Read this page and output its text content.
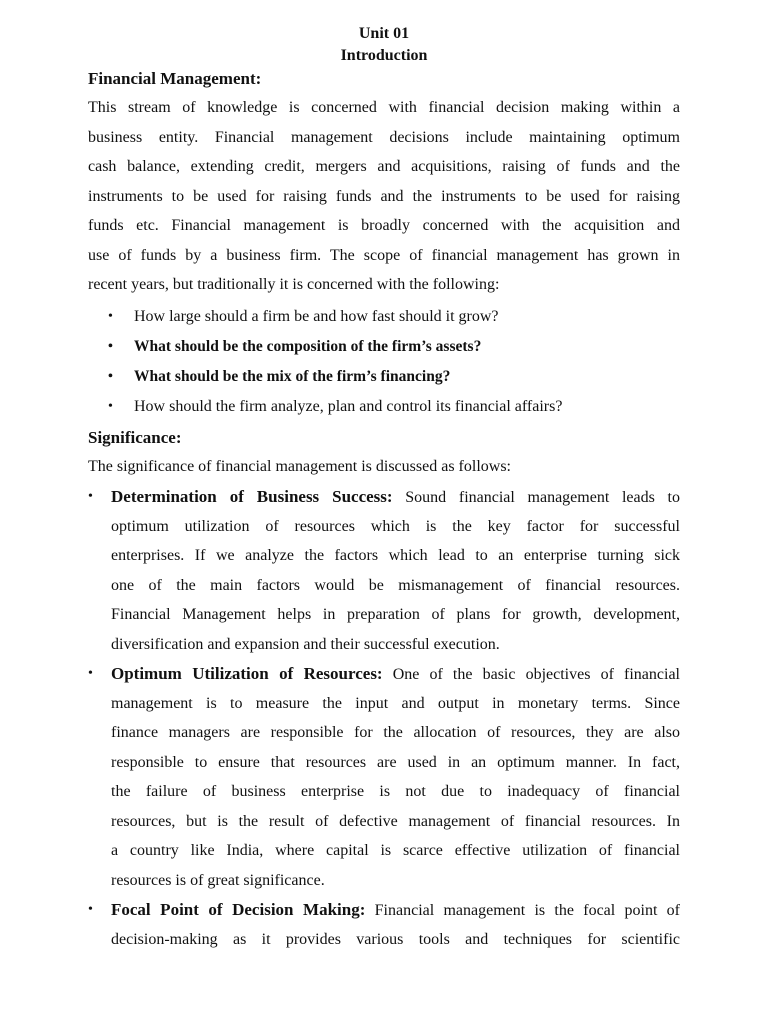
Unit 01
Introduction
Financial Management:
This stream of knowledge is concerned with financial decision making within a
business entity. Financial management decisions include maintaining optimum
cash balance, extending credit, mergers and acquisitions, raising of funds and the
instruments to be used for raising funds and the instruments to be used for raising
funds etc. Financial management is broadly concerned with the acquisition and
use of funds by a business firm. The scope of financial management has grown in
recent years, but traditionally it is concerned with the following:
• How large should a firm be and how fast should it grow?
• What should be the composition of the firm’s assets?
• What should be the mix of the firm’s financing?
• How should the firm analyze, plan and control its financial affairs?
Significance:
The significance of financial management is discussed as follows:
• Determination of Business Success: Sound financial management leads to
optimum utilization of resources which is the key factor for successful
enterprises. If we analyze the factors which lead to an enterprise turning sick
one of the main factors would be mismanagement of financial resources.
Financial Management helps in preparation of plans for growth, development,
diversification and expansion and their successful execution.
• Optimum Utilization of Resources: One of the basic objectives of financial
management is to measure the input and output in monetary terms. Since
finance managers are responsible for the allocation of resources, they are also
responsible to ensure that resources are used in an optimum manner. In fact,
the failure of business enterprise is not due to inadequacy of financial
resources, but is the result of defective management of financial resources. In
a country like India, where capital is scarce effective utilization of financial
resources is of great significance.
• Focal Point of Decision Making: Financial management is the focal point of
decision-making as it provides various tools and techniques for scientific
